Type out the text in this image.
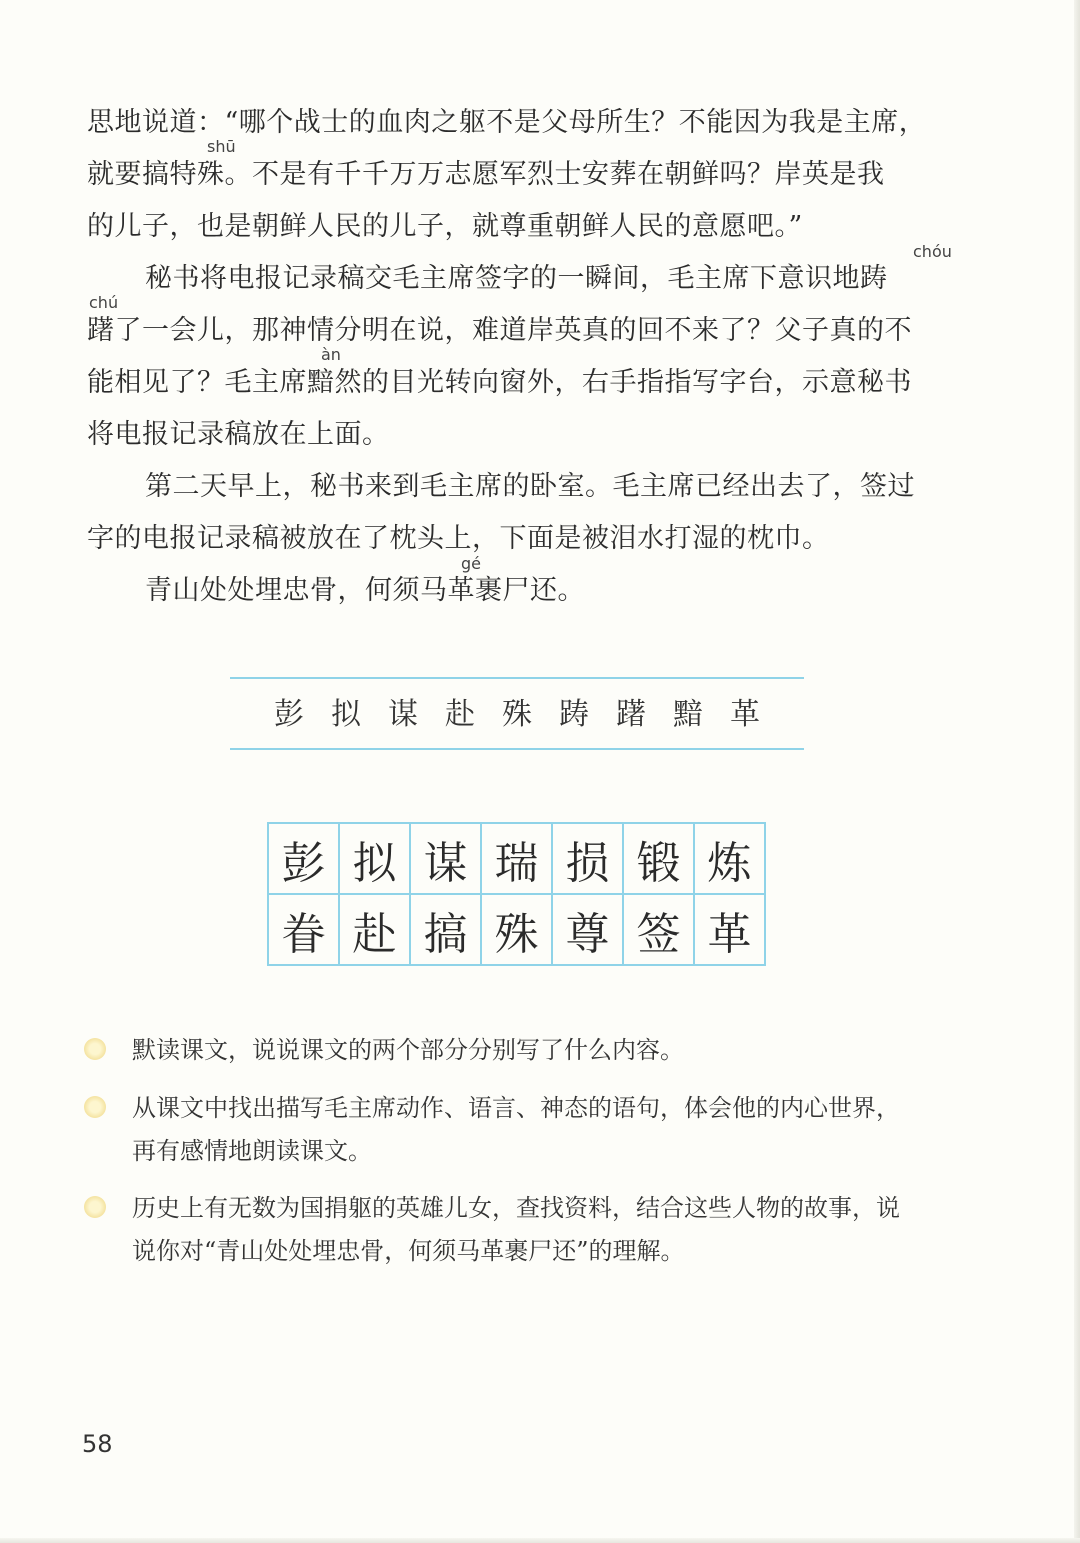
shū
chóu
chú
àn
gé
思地说道：“哪个战士的血肉之躯不是父母所生？不能因为我是主席，
就要搞特殊。不是有千千万万志愿军烈士安葬在朝鲜吗？岸英是我
的儿子，也是朝鲜人民的儿子，就尊重朝鲜人民的意愿吧。”
秘书将电报记录稿交毛主席签字的一瞬间，毛主席下意识地踌
躇了一会儿，那神情分明在说，难道岸英真的回不来了？父子真的不
能相见了？毛主席黯然的目光转向窗外，右手指指写字台，示意秘书
将电报记录稿放在上面。
第二天早上，秘书来到毛主席的卧室。毛主席已经出去了，签过
字的电报记录稿被放在了枕头上，下面是被泪水打湿的枕巾。
青山处处埋忠骨，何须马革裹尸还。
彭 拟 谋 赴 殊 踌 躇 黯 革
彭 拟 谋 瑞 损 锻 炼
眷 赴 搞 殊 尊 签 革
默读课文，说说课文的两个部分分别写了什么内容。
从课文中找出描写毛主席动作、语言、神态的语句，体会他的内心世界，
再有感情地朗读课文。
历史上有无数为国捐躯的英雄儿女，查找资料，结合这些人物的故事，说
说你对“青山处处埋忠骨，何须马革裹尸还”的理解。
58
